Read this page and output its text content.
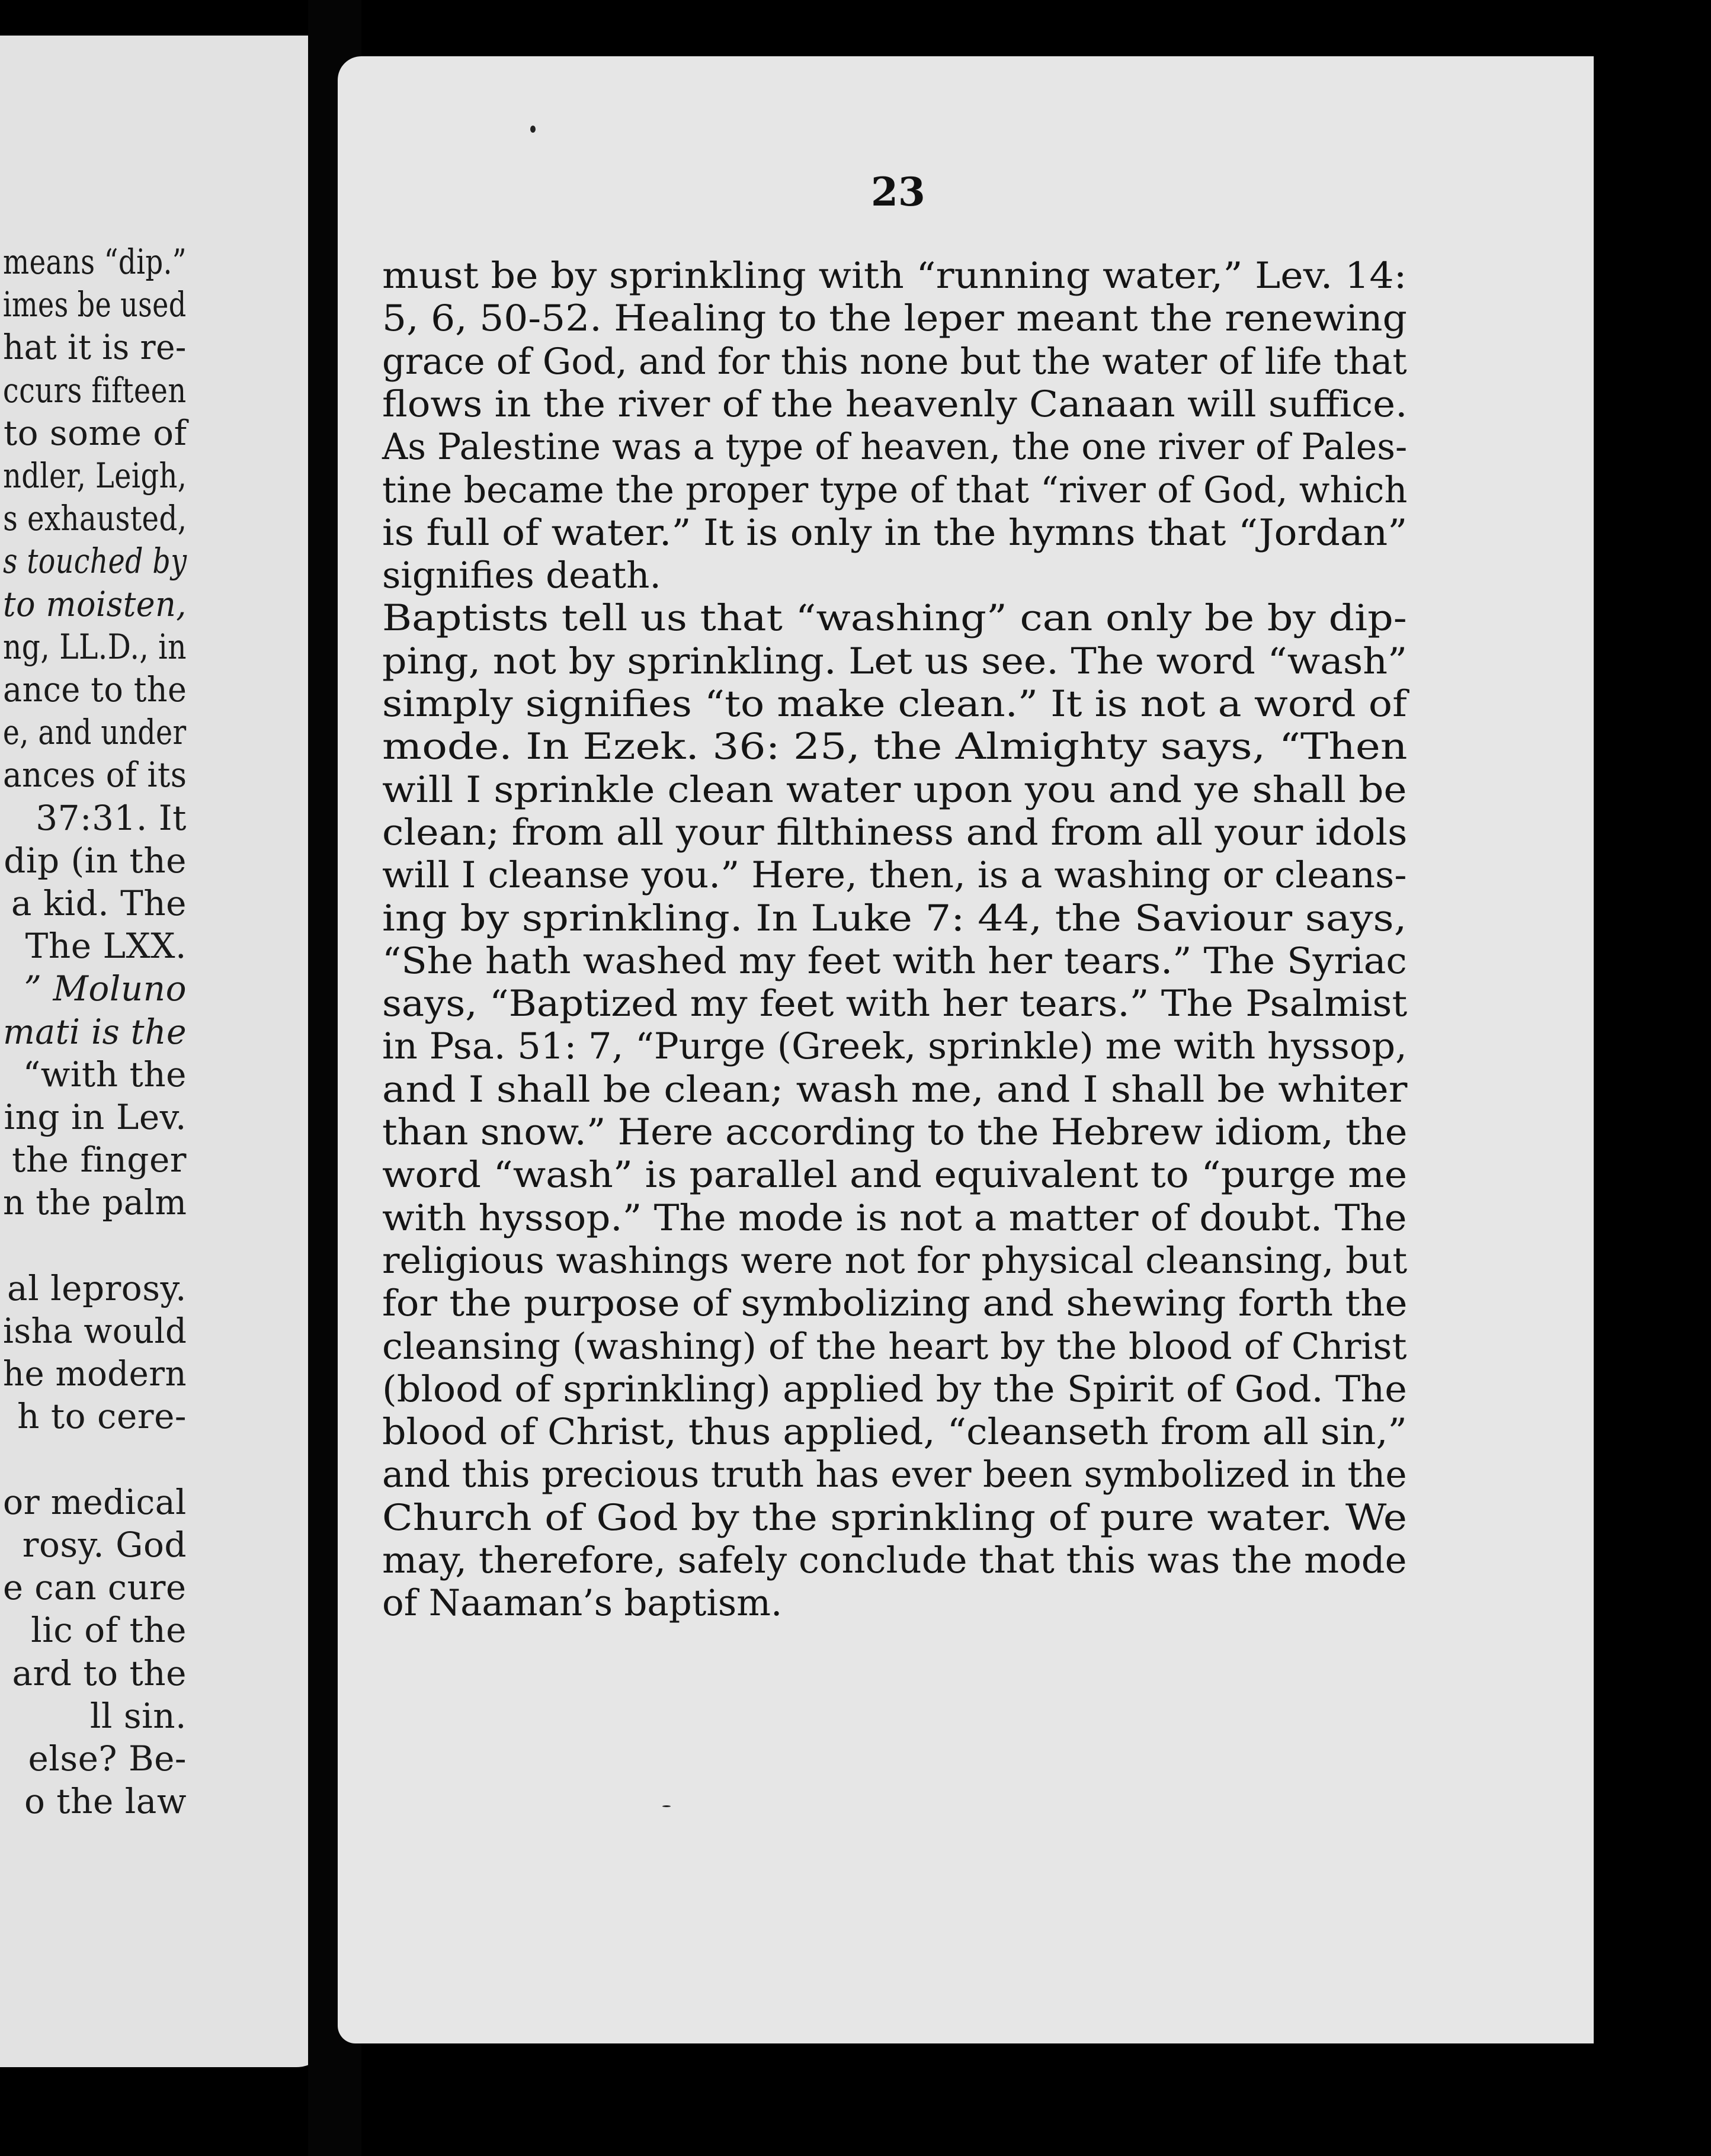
means “dip.”
imes be used
hat it is re-
ccurs fifteen
to some of
ndler, Leigh,
s exhausted,
s touched by
to moisten,
ng, LL.D., in
ance to the
e, and under
ances of its
37:31. It
dip (in the
a kid. The
The LXX.
” Moluno
mati is the
“with the
ing in Lev.
the finger
n the palm
al leprosy.
isha would
he modern
h to cere-
or medical
rosy. God
e can cure
lic of the
ard to the
ll sin.
else? Be-
o the law
23
must be by sprinkling with “running water,” Lev. 14:
5, 6, 50-52. Healing to the leper meant the renewing
grace of God, and for this none but the water of life that
flows in the river of the heavenly Canaan will suffice.
As Palestine was a type of heaven, the one river of Pales-
tine became the proper type of that “river of God, which
is full of water.” It is only in the hymns that “Jordan”
signifies death.
Baptists tell us that “washing” can only be by dip-
ping, not by sprinkling. Let us see. The word “wash”
simply signifies “to make clean.” It is not a word of
mode. In Ezek. 36: 25, the Almighty says, “Then
will I sprinkle clean water upon you and ye shall be
clean; from all your filthiness and from all your idols
will I cleanse you.” Here, then, is a washing or cleans-
ing by sprinkling. In Luke 7: 44, the Saviour says,
“She hath washed my feet with her tears.” The Syriac
says, “Baptized my feet with her tears.” The Psalmist
in Psa. 51: 7, “Purge (Greek, sprinkle) me with hyssop,
and I shall be clean; wash me, and I shall be whiter
than snow.” Here according to the Hebrew idiom, the
word “wash” is parallel and equivalent to “purge me
with hyssop.” The mode is not a matter of doubt. The
religious washings were not for physical cleansing, but
for the purpose of symbolizing and shewing forth the
cleansing (washing) of the heart by the blood of Christ
(blood of sprinkling) applied by the Spirit of God. The
blood of Christ, thus applied, “cleanseth from all sin,”
and this precious truth has ever been symbolized in the
Church of God by the sprinkling of pure water. We
may, therefore, safely conclude that this was the mode
of Naaman’s baptism.
